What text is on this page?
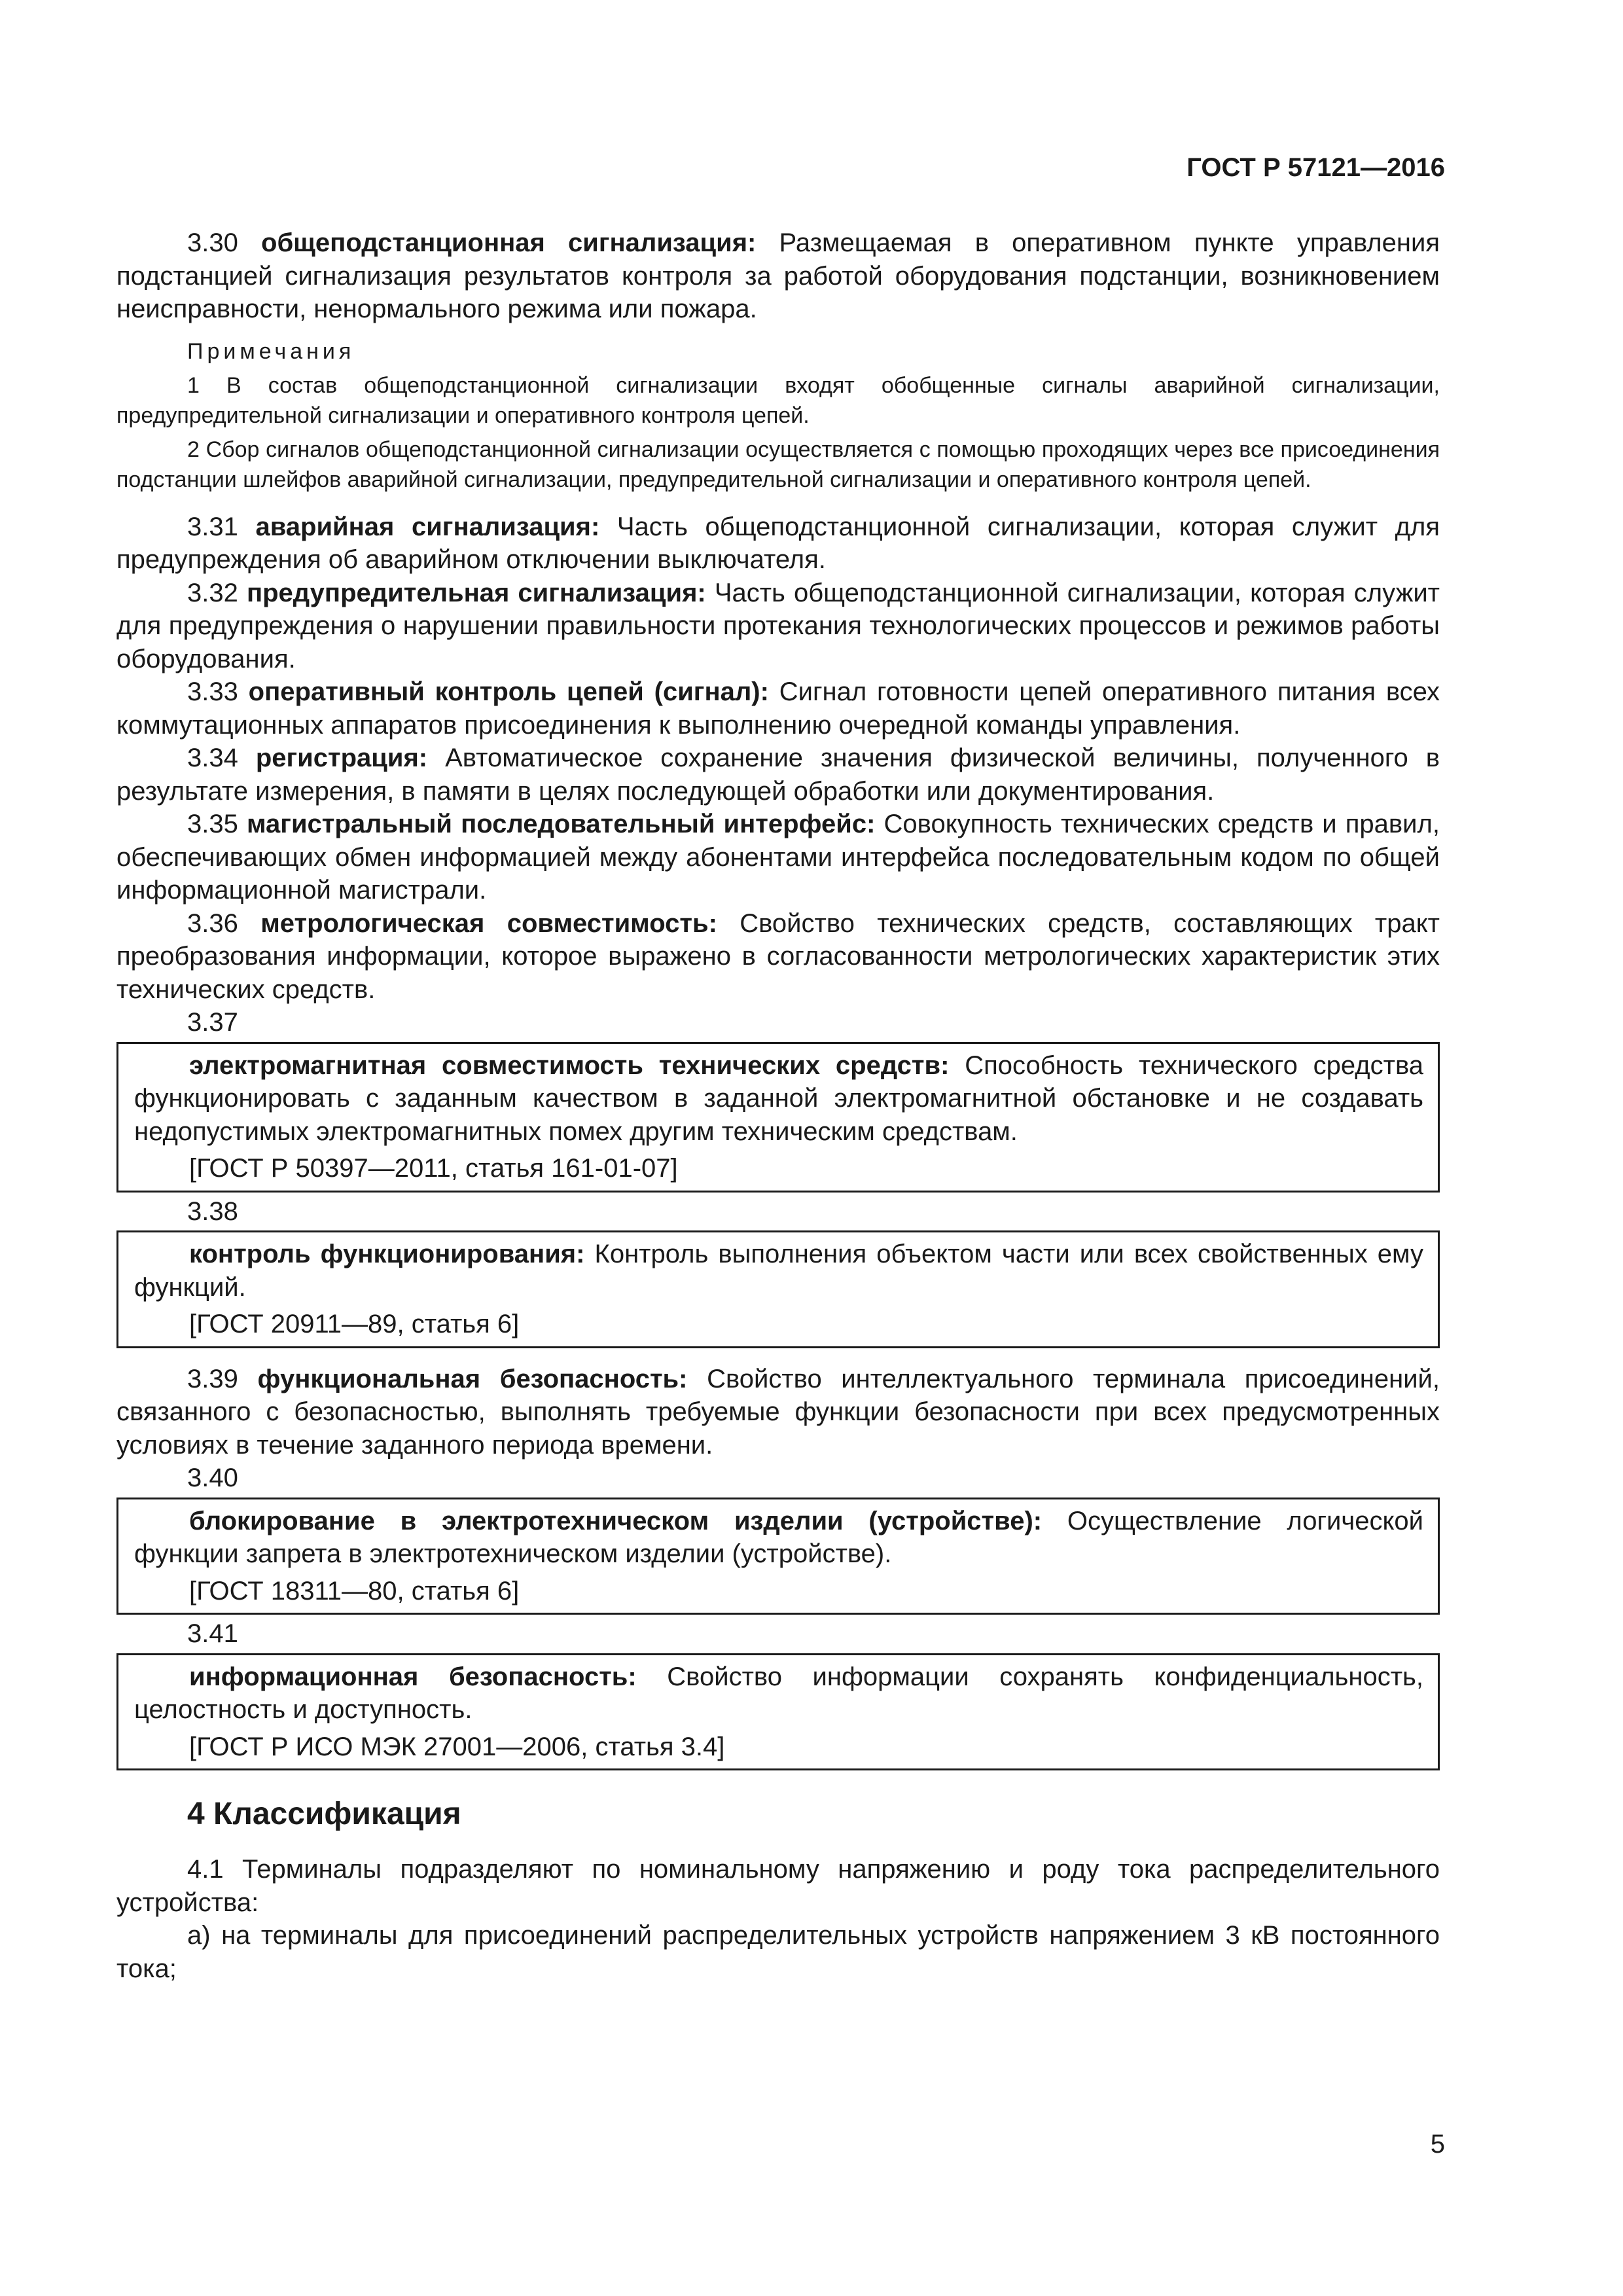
ГОСТ Р 57121—2016

3.30 общеподстанционная сигнализация: Размещаемая в оперативном пункте управления подстанцией сигнализация результатов контроля за работой оборудования подстанции, возникновением неисправности, ненормального режима или пожара.

Примечания

1 В состав общеподстанционной сигнализации входят обобщенные сигналы аварийной сигнализации, предупредительной сигнализации и оперативного контроля цепей.

2 Сбор сигналов общеподстанционной сигнализации осуществляется с помощью проходящих через все присоединения подстанции шлейфов аварийной сигнализации, предупредительной сигнализации и оперативного контроля цепей.

3.31 аварийная сигнализация: Часть общеподстанционной сигнализации, которая служит для предупреждения об аварийном отключении выключателя.

3.32 предупредительная сигнализация: Часть общеподстанционной сигнализации, которая служит для предупреждения о нарушении правильности протекания технологических процессов и режимов работы оборудования.

3.33 оперативный контроль цепей (сигнал): Сигнал готовности цепей оперативного питания всех коммутационных аппаратов присоединения к выполнению очередной команды управления.

3.34 регистрация: Автоматическое сохранение значения физической величины, полученного в результате измерения, в памяти в целях последующей обработки или документирования.

3.35 магистральный последовательный интерфейс: Совокупность технических средств и правил, обеспечивающих обмен информацией между абонентами интерфейса последовательным кодом по общей информационной магистрали.

3.36 метрологическая совместимость: Свойство технических средств, составляющих тракт преобразования информации, которое выражено в согласованности метрологических характеристик этих технических средств.

3.37

электромагнитная совместимость технических средств: Способность технического средства функционировать с заданным качеством в заданной электромагнитной обстановке и не создавать недопустимых электромагнитных помех другим техническим средствам.

[ГОСТ Р 50397—2011, статья 161-01-07]

3.38

контроль функционирования: Контроль выполнения объектом части или всех свойственных ему функций.

[ГОСТ 20911—89, статья 6]

3.39 функциональная безопасность: Свойство интеллектуального терминала присоединений, связанного с безопасностью, выполнять требуемые функции безопасности при всех предусмотренных условиях в течение заданного периода времени.

3.40

блокирование в электротехническом изделии (устройстве): Осуществление логической функции запрета в электротехническом изделии (устройстве).

[ГОСТ 18311—80, статья 6]

3.41

информационная безопасность: Свойство информации сохранять конфиденциальность, целостность и доступность.

[ГОСТ Р ИСО МЭК 27001—2006, статья 3.4]

4 Классификация

4.1 Терминалы подразделяют по номинальному напряжению и роду тока распределительного устройства:

а) на терминалы для присоединений распределительных устройств напряжением 3 кВ постоянного тока;

5
